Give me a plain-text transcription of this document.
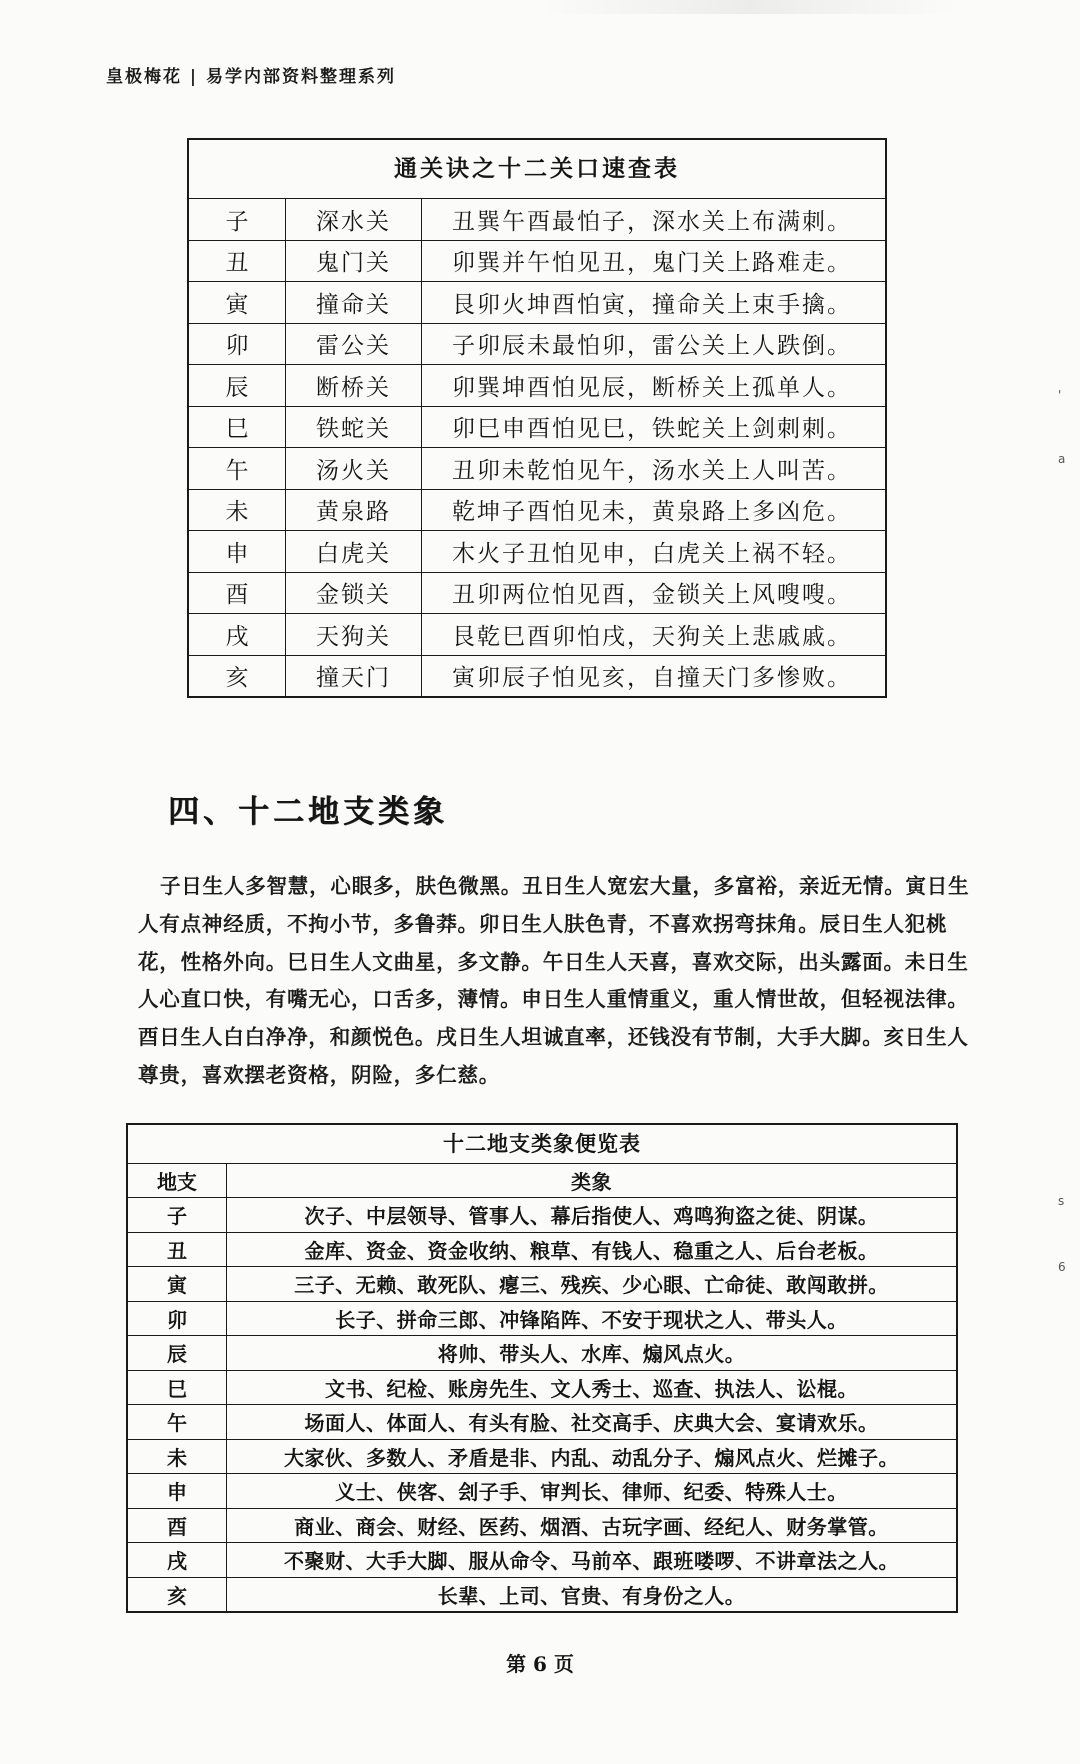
皇极梅花 | 易学内部资料整理系列
通关诀之十二关口速查表		
子	深水关	丑巽午酉最怕子，深水关上布满刺。
丑	鬼门关	卯巽并午怕见丑，鬼门关上路难走。
寅	撞命关	艮卯火坤酉怕寅，撞命关上束手擒。
卯	雷公关	子卯辰未最怕卯，雷公关上人跌倒。
辰	断桥关	卯巽坤酉怕见辰，断桥关上孤单人。
巳	铁蛇关	卯巳申酉怕见巳，铁蛇关上剑刺刺。
午	汤火关	丑卯未乾怕见午，汤水关上人叫苦。
未	黄泉路	乾坤子酉怕见未，黄泉路上多凶危。
申	白虎关	木火子丑怕见申，白虎关上祸不轻。
酉	金锁关	丑卯两位怕见酉，金锁关上风嗖嗖。
戌	天狗关	艮乾巳酉卯怕戌，天狗关上悲戚戚。
亥	撞天门	寅卯辰子怕见亥，自撞天门多惨败。
四、十二地支类象

子日生人多智慧，心眼多，肤色微黑。丑日生人宽宏大量，多富裕，亲近无情。寅日生人有点神经质，不拘小节，多鲁莽。卯日生人肤色青，不喜欢拐弯抹角。辰日生人犯桃花，性格外向。巳日生人文曲星，多文静。午日生人天喜，喜欢交际，出头露面。未日生人心直口快，有嘴无心，口舌多，薄情。申日生人重情重义，重人情世故，但轻视法律。酉日生人白白净净，和颜悦色。戌日生人坦诚直率，还钱没有节制，大手大脚。亥日生人尊贵，喜欢摆老资格，阴险，多仁慈。

十二地支类象便览表	
地支	类象
子	次子、中层领导、管事人、幕后指使人、鸡鸣狗盗之徒、阴谋。
丑	金库、资金、资金收纳、粮草、有钱人、稳重之人、后台老板。
寅	三子、无赖、敢死队、瘪三、残疾、少心眼、亡命徒、敢闯敢拼。
卯	长子、拼命三郎、冲锋陷阵、不安于现状之人、带头人。
辰	将帅、带头人、水库、煽风点火。
巳	文书、纪检、账房先生、文人秀士、巡查、执法人、讼棍。
午	场面人、体面人、有头有脸、社交高手、庆典大会、宴请欢乐。
未	大家伙、多数人、矛盾是非、内乱、动乱分子、煽风点火、烂摊子。
申	义士、侠客、刽子手、审判长、律师、纪委、特殊人士。
酉	商业、商会、财经、医药、烟酒、古玩字画、经纪人、财务掌管。
戌	不聚财、大手大脚、服从命令、马前卒、跟班喽啰、不讲章法之人。
亥	长辈、上司、官贵、有身份之人。
第 6 页
'
a
s
6
